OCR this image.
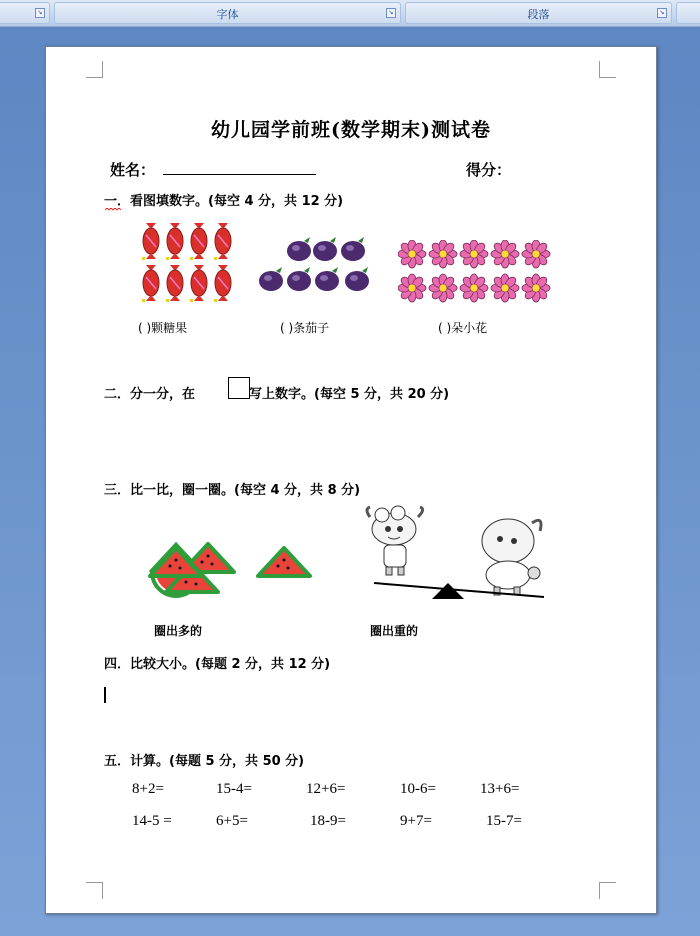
↘	字体	↘	段落	↘
幼儿园学前班(数学期末)测试卷
姓名：	得分：
一．看图填数字。(每空 4 分，共 12 分)
( )颗糖果	( )条茄子	( )朵小花
二．分一分，在	写上数字。(每空 5 分，共 20 分)
三．比一比，圈一圈。(每空 4 分，共 8 分)
圈出多的	圈出重的
四．比较大小。(每题 2 分，共 12 分)
五．计算。(每题 5 分，共 50 分)
8+2=	15-4=	12+6=	10-6=	13+6=
14-5 =	6+5=	18-9=	9+7=	15-7=
